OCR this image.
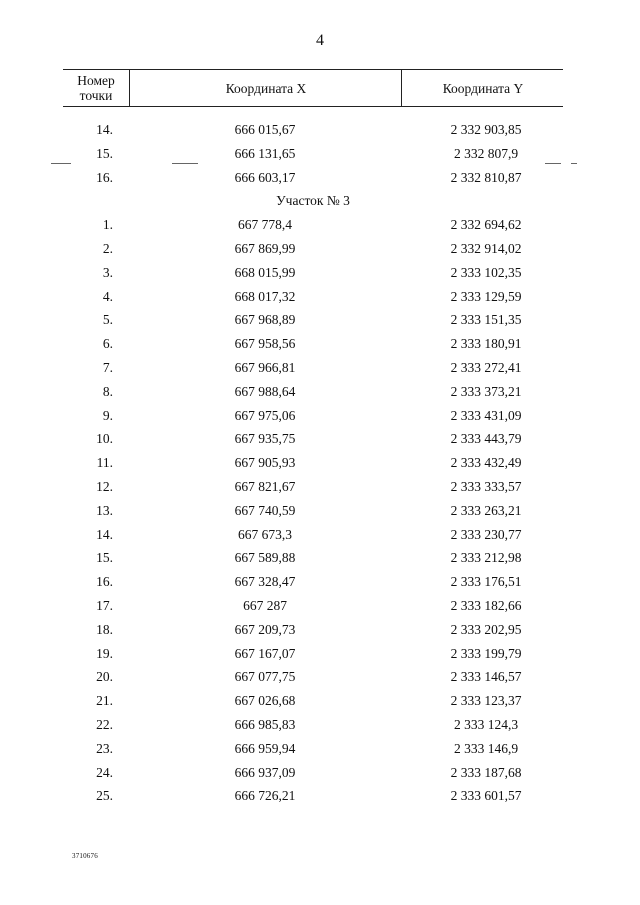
4
Номер
точки	Координата X	Координата Y
14.	666 015,67	2 332 903,85
15.	666 131,65	2 332 807,9
16.	666 603,17	2 332 810,87
Участок № 3
1.	667 778,4	2 332 694,62
2.	667 869,99	2 332 914,02
3.	668 015,99	2 333 102,35
4.	668 017,32	2 333 129,59
5.	667 968,89	2 333 151,35
6.	667 958,56	2 333 180,91
7.	667 966,81	2 333 272,41
8.	667 988,64	2 333 373,21
9.	667 975,06	2 333 431,09
10.	667 935,75	2 333 443,79
11.	667 905,93	2 333 432,49
12.	667 821,67	2 333 333,57
13.	667 740,59	2 333 263,21
14.	667 673,3	2 333 230,77
15.	667 589,88	2 333 212,98
16.	667 328,47	2 333 176,51
17.	667 287	2 333 182,66
18.	667 209,73	2 333 202,95
19.	667 167,07	2 333 199,79
20.	667 077,75	2 333 146,57
21.	667 026,68	2 333 123,37
22.	666 985,83	2 333 124,3
23.	666 959,94	2 333 146,9
24.	666 937,09	2 333 187,68
25.	666 726,21	2 333 601,57
3710676
